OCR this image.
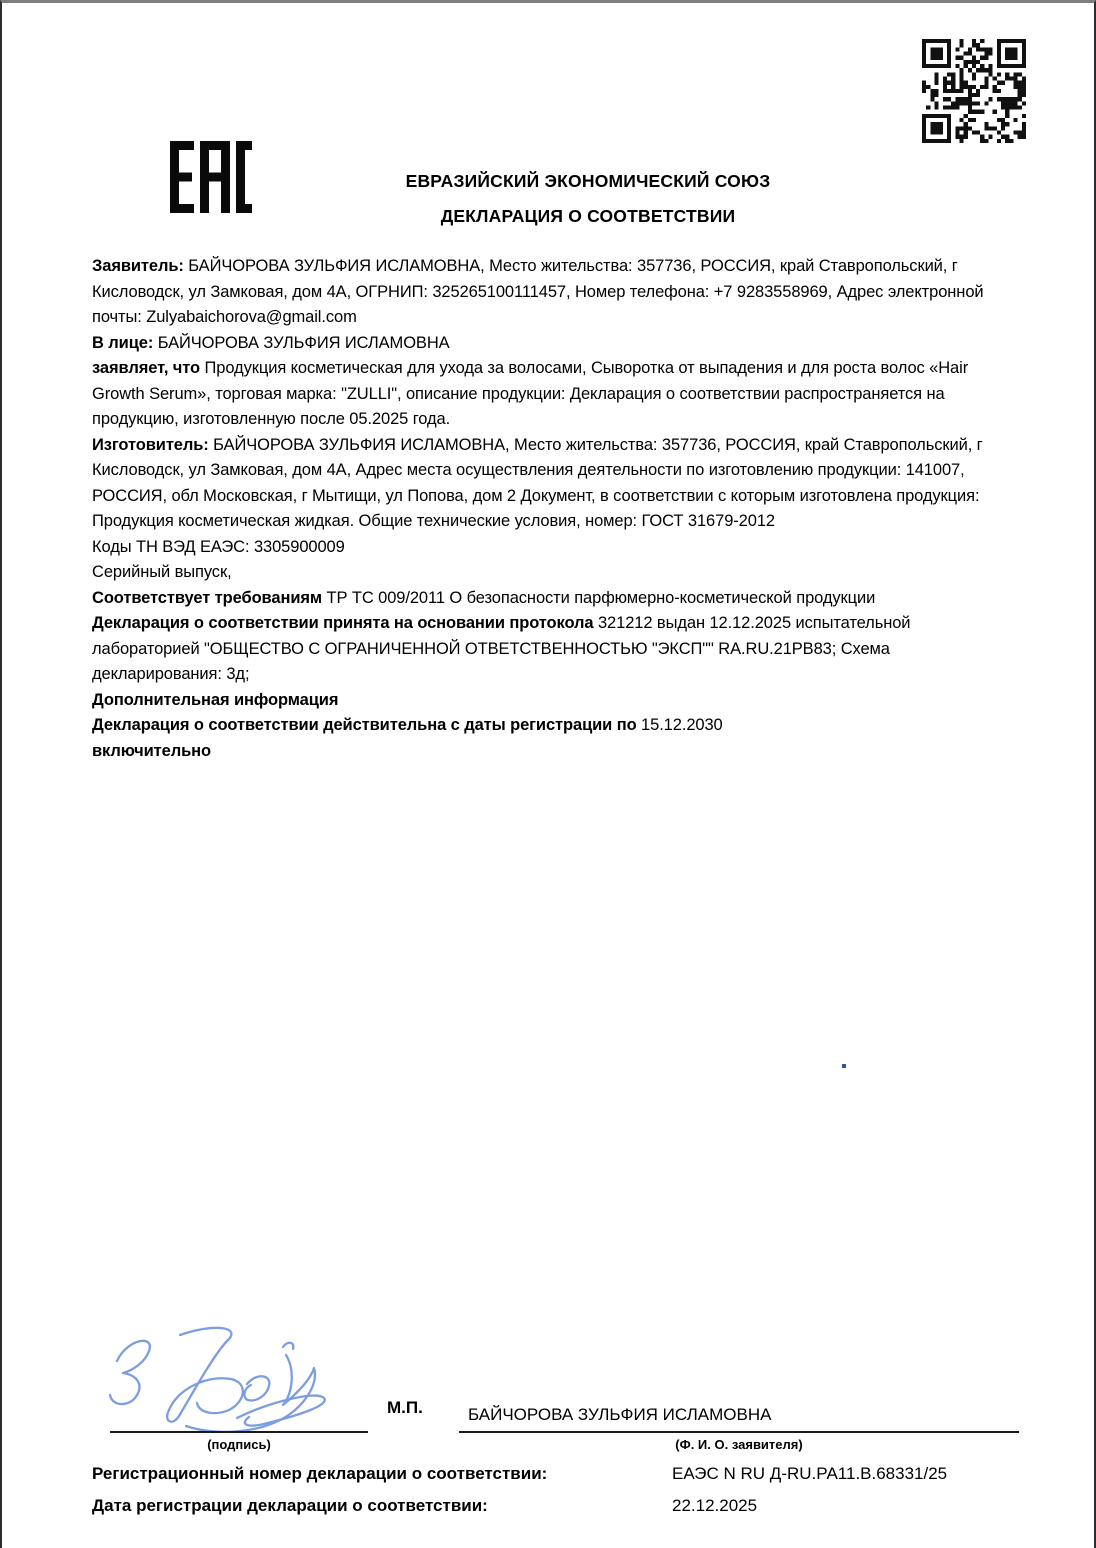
ЕВРАЗИЙСКИЙ ЭКОНОМИЧЕСКИЙ СОЮЗ
ДЕКЛАРАЦИЯ О СООТВЕТСТВИИ

Заявитель: БАЙЧОРОВА ЗУЛЬФИЯ ИСЛАМОВНА, Место жительства: 357736, РОССИЯ, край Ставропольский, г Кисловодск, ул Замковая, дом 4А, ОГРНИП: 325265100111457, Номер телефона: +7 9283558969, Адрес электронной почты: Zulyabaichorova@gmail.com

В лице: БАЙЧОРОВА ЗУЛЬФИЯ ИСЛАМОВНА

заявляет, что Продукция косметическая для ухода за волосами, Сыворотка от выпадения и для роста волос «Hair Growth Serum», торговая марка: "ZULLI", описание продукции: Декларация о соответствии распространяется на продукцию, изготовленную после 05.2025 года.
Изготовитель: БАЙЧОРОВА ЗУЛЬФИЯ ИСЛАМОВНА, Место жительства: 357736, РОССИЯ, край Ставропольский, г Кисловодск, ул Замковая, дом 4А, Адрес места осуществления деятельности по изготовлению продукции: 141007, РОССИЯ, обл Московская, г Мытищи, ул Попова, дом 2 Документ, в соответствии с которым изготовлена продукция: Продукция косметическая жидкая. Общие технические условия, номер: ГОСТ 31679-2012
Коды ТН ВЭД ЕАЭС: 3305900009
Серийный выпуск,
Соответствует требованиям ТР ТС 009/2011 О безопасности парфюмерно-косметической продукции

Декларация о соответствии принята на основании протокола 321212 выдан 12.12.2025 испытательной лабораторией "ОБЩЕСТВО С ОГРАНИЧЕННОЙ ОТВЕТСТВЕННОСТЬЮ "ЭКСП"" RA.RU.21PB83; Схема декларирования: 3д;

Дополнительная информация

Декларация о соответствии действительна с даты регистрации по 15.12.2030
включительно

(подпись)
М.П.	БАЙЧОРОВА ЗУЛЬФИЯ ИСЛАМОВНА
(Ф. И. О. заявителя)
Регистрационный номер декларации о соответствии:	ЕАЭС N RU Д-RU.РА11.В.68331/25
Дата регистрации декларации о соответствии:	22.12.2025
